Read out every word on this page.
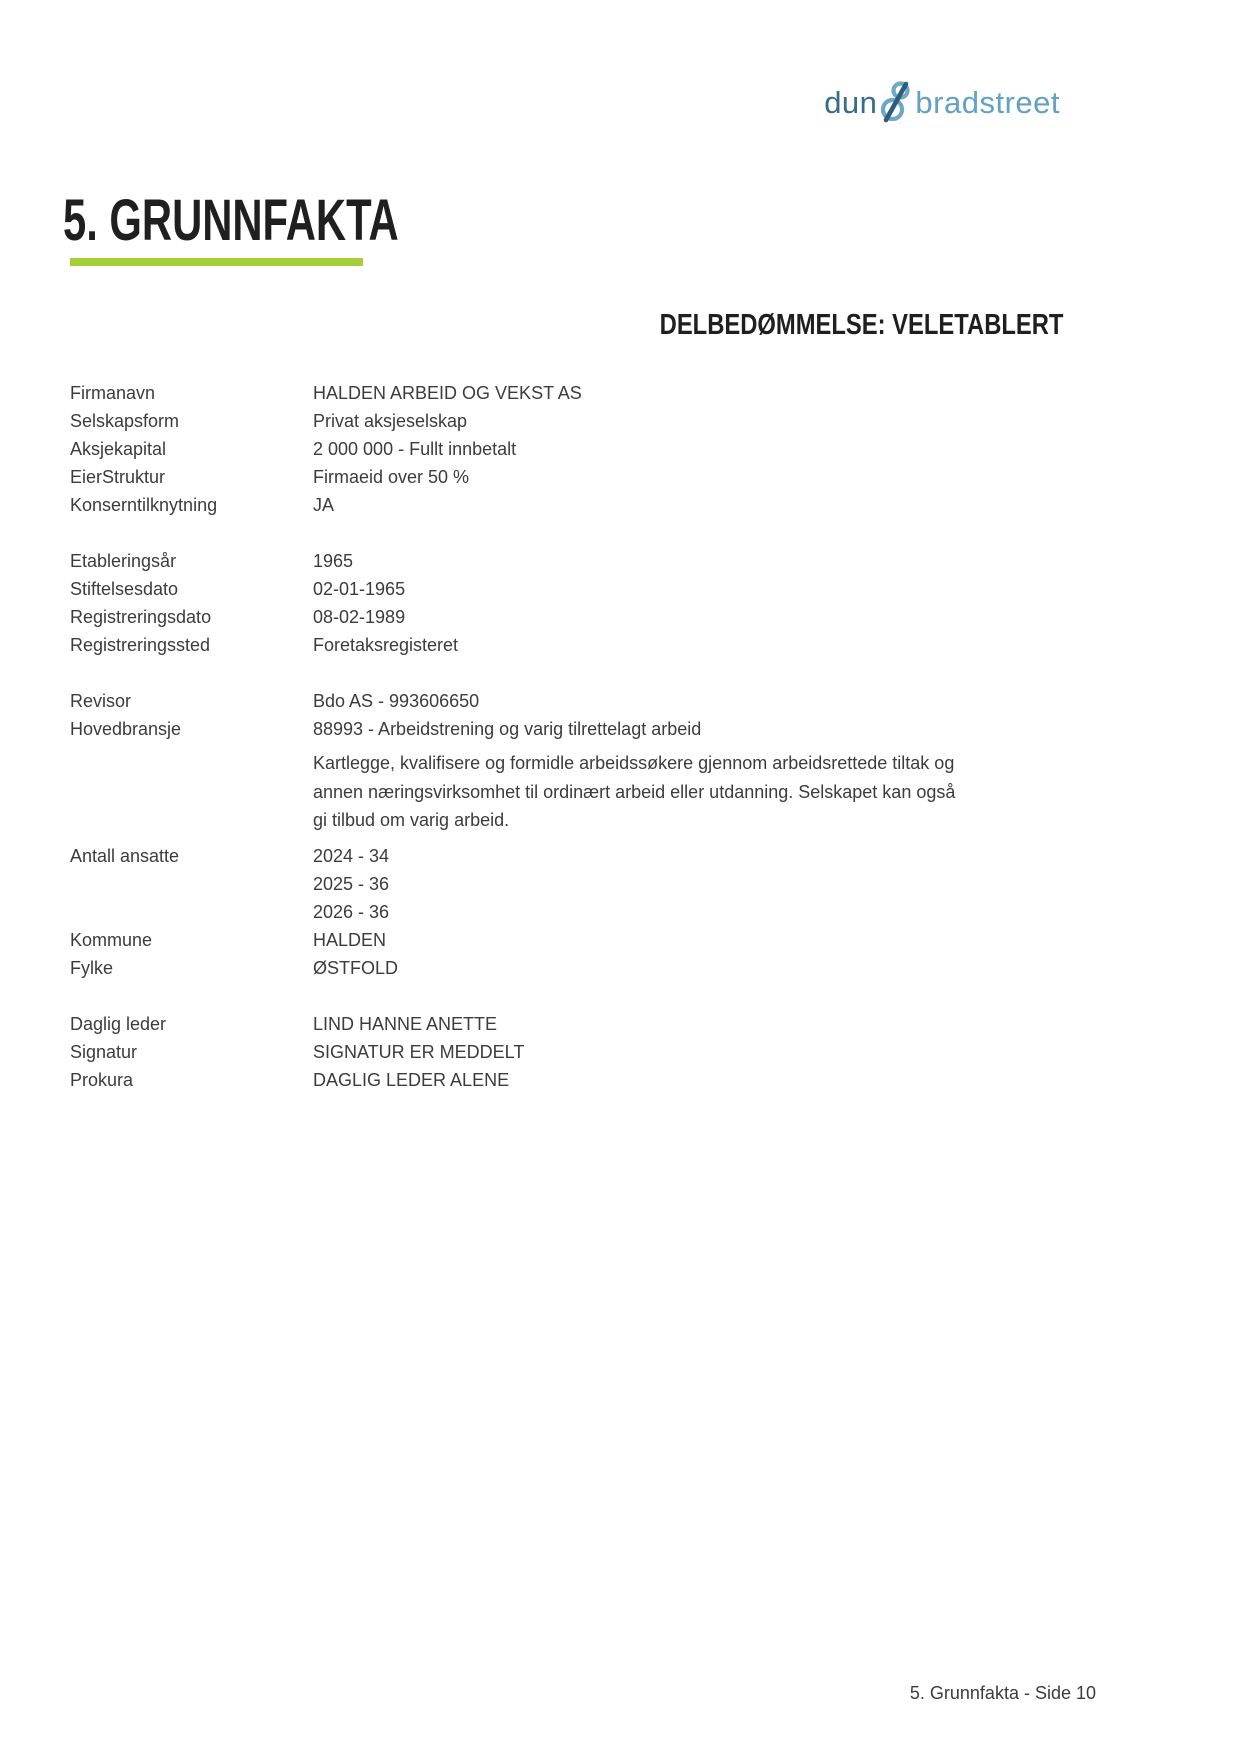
dun bradstreet
5. GRUNNFAKTA
DELBEDØMMELSE: VELETABLERT
Firmanavn	HALDEN ARBEID OG VEKST AS
Selskapsform	Privat aksjeselskap
Aksjekapital	2 000 000 - Fullt innbetalt
EierStruktur	Firmaeid over 50 %
Konserntilknytning	JA
Etableringsår	1965
Stiftelsesdato	02-01-1965
Registreringsdato	08-02-1989
Registreringssted	Foretaksregisteret
Revisor	Bdo AS - 993606650
Hovedbransje	88993 - Arbeidstrening og varig tilrettelagt arbeid
Kartlegge, kvalifisere og formidle arbeidssøkere gjennom arbeidsrettede tiltak og annen næringsvirksomhet til ordinært arbeid eller utdanning. Selskapet kan også gi tilbud om varig arbeid.
Antall ansatte	2024 - 34
2025 - 36
2026 - 36
Kommune	HALDEN
Fylke	ØSTFOLD
Daglig leder	LIND HANNE ANETTE
Signatur	SIGNATUR ER MEDDELT
Prokura	DAGLIG LEDER ALENE
5. Grunnfakta - Side 10
